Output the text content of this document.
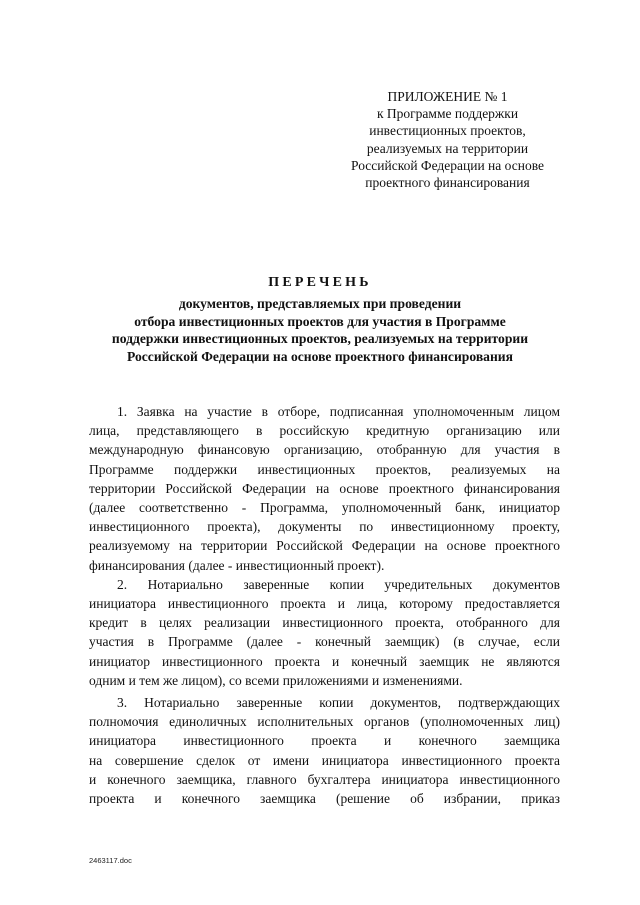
ПРИЛОЖЕНИЕ № 1
к Программе поддержки
инвестиционных проектов,
реализуемых на территории
Российской Федерации на основе
проектного финансирования
ПЕРЕЧЕНЬ
документов, представляемых при проведении
отбора инвестиционных проектов для участия в Программе
поддержки инвестиционных проектов, реализуемых на территории
Российской Федерации на основе проектного финансирования

1. Заявка на участие в отборе, подписанная уполномоченным лицом
лица, представляющего в российскую кредитную организацию или
международную финансовую организацию, отобранную для участия в
Программе поддержки инвестиционных проектов, реализуемых на
территории Российской Федерации на основе проектного финансирования
(далее соответственно - Программа, уполномоченный банк, инициатор
инвестиционного проекта), документы по инвестиционному проекту,
реализуемому на территории Российской Федерации на основе проектного
финансирования (далее - инвестиционный проект).

2. Нотариально заверенные копии учредительных документов
инициатора инвестиционного проекта и лица, которому предоставляется
кредит в целях реализации инвестиционного проекта, отобранного для
участия в Программе (далее - конечный заемщик) (в случае, если
инициатор инвестиционного проекта и конечный заемщик не являются
одним и тем же лицом), со всеми приложениями и изменениями.

3. Нотариально заверенные копии документов, подтверждающих
полномочия единоличных исполнительных органов (уполномоченных лиц)
инициатора инвестиционного проекта и конечного заемщика
на совершение сделок от имени инициатора инвестиционного проекта
и конечного заемщика, главного бухгалтера инициатора инвестиционного
проекта и конечного заемщика (решение об избрании, приказ

2463117.doc
